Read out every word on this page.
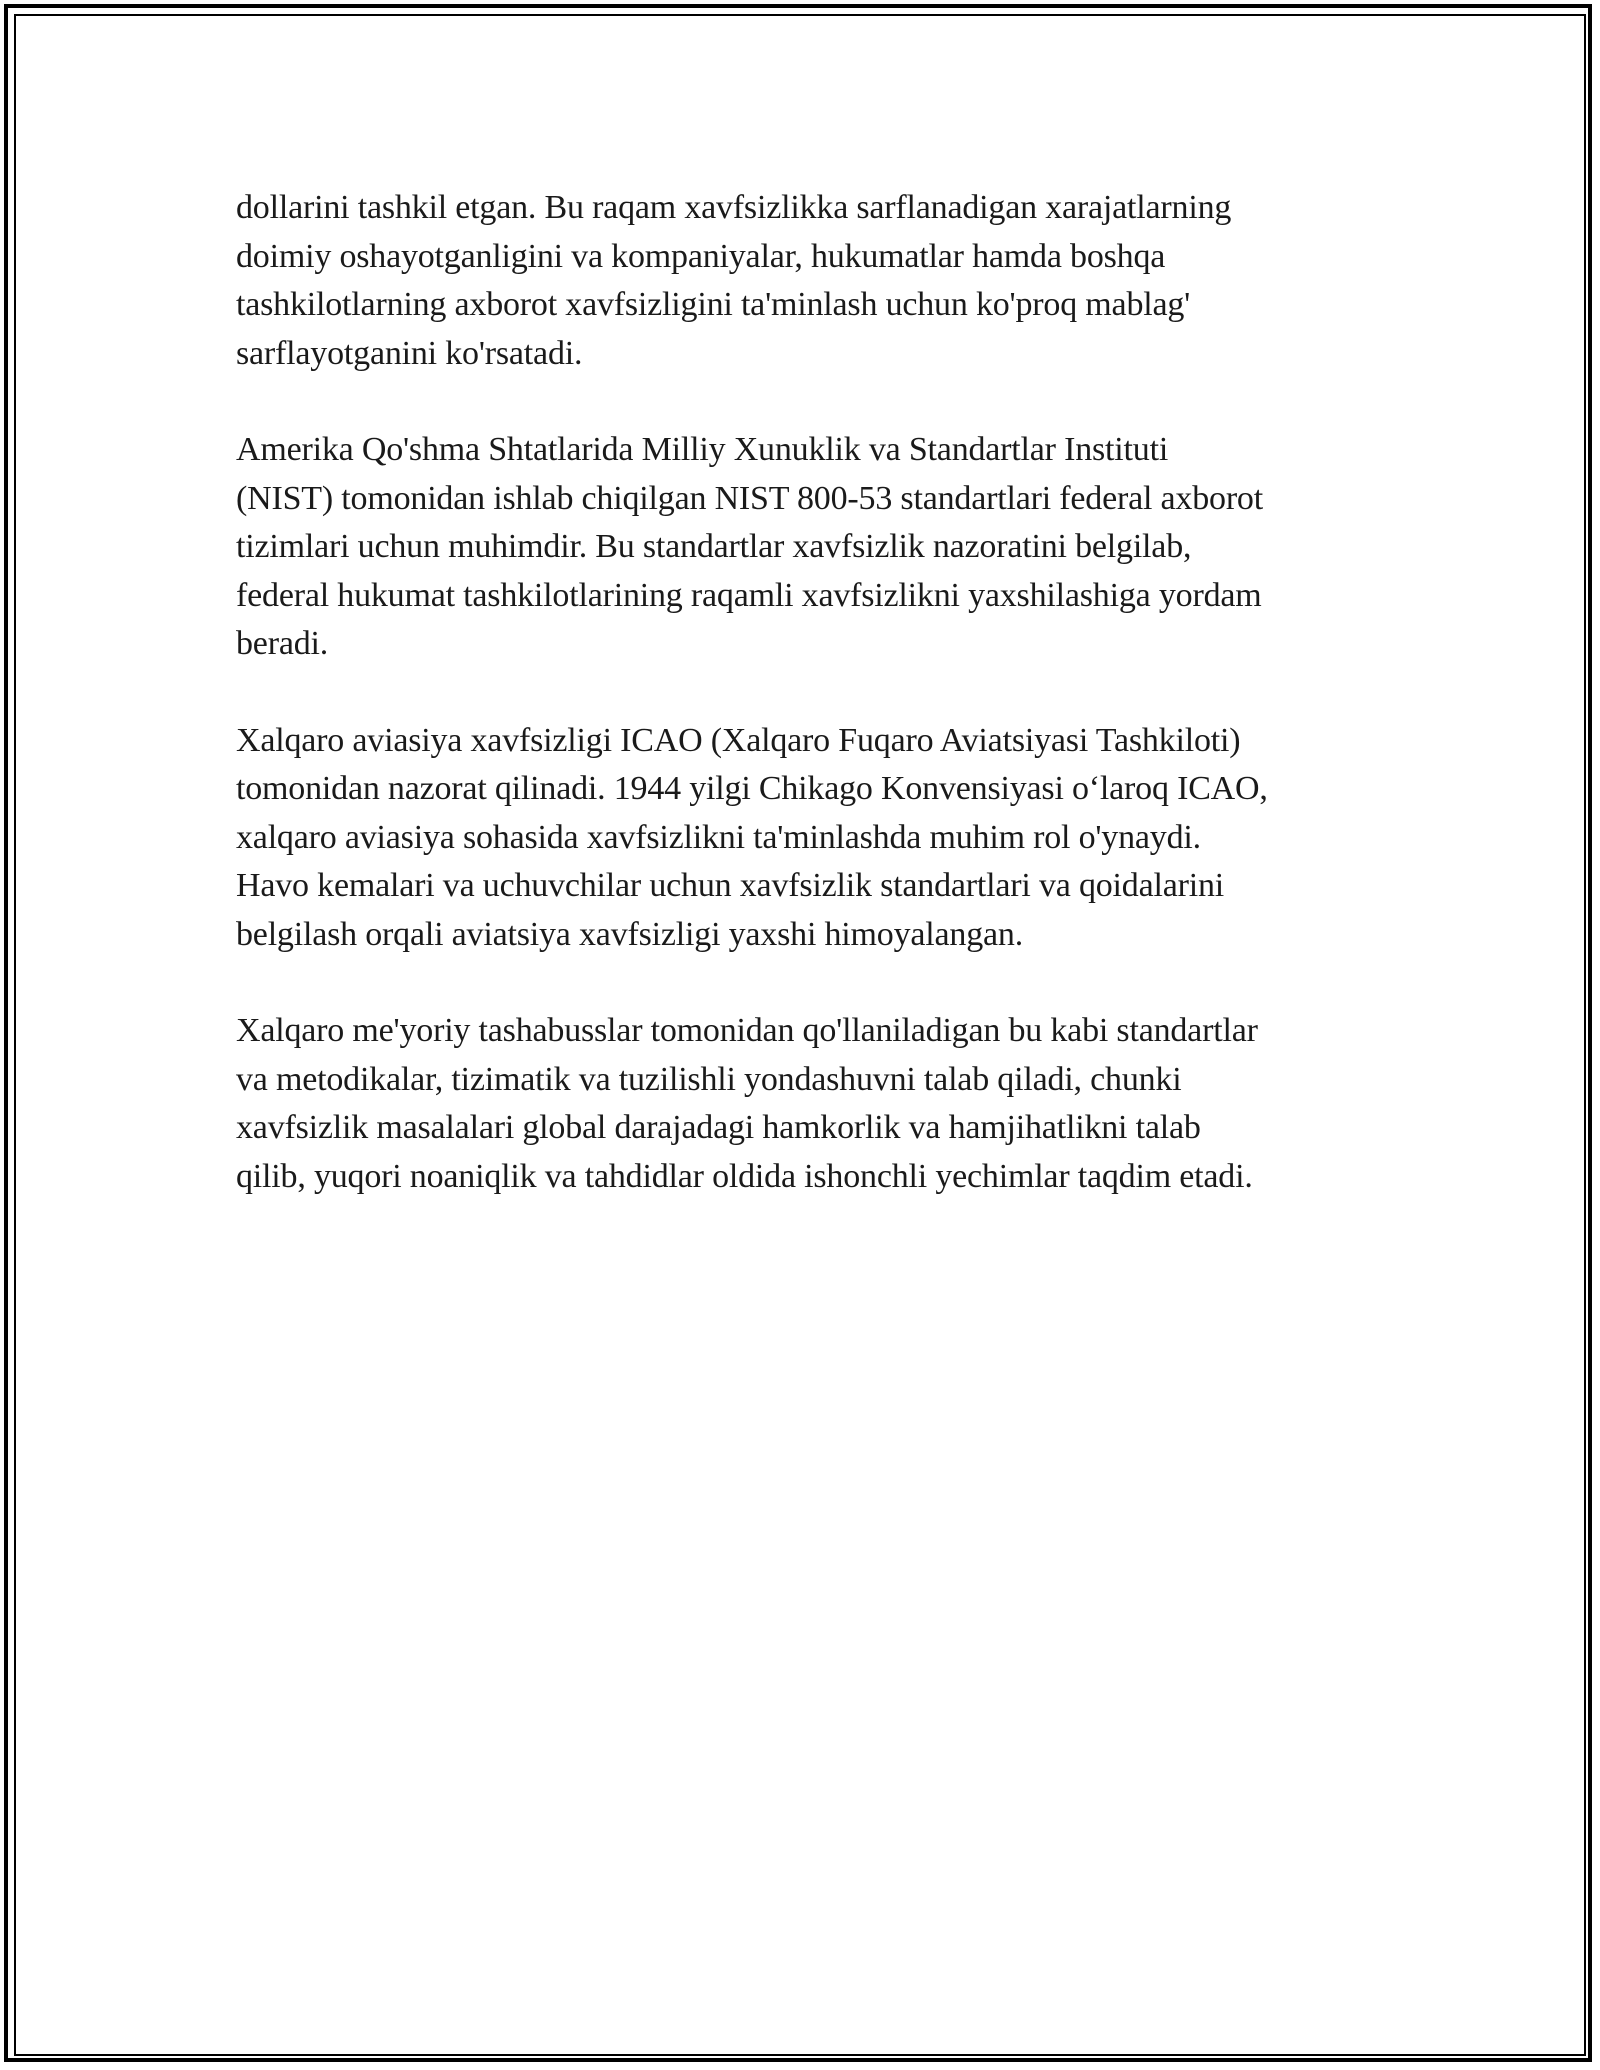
dollarini tashkil etgan. Bu raqam xavfsizlikka sarflanadigan xarajatlarning
doimiy oshayotganligini va kompaniyalar, hukumatlar hamda boshqa
tashkilotlarning axborot xavfsizligini ta'minlash uchun ko'proq mablag'
sarflayotganini ko'rsatadi.

Amerika Qo'shma Shtatlarida Milliy Xunuklik va Standartlar Instituti
(NIST) tomonidan ishlab chiqilgan NIST 800-53 standartlari federal axborot
tizimlari uchun muhimdir. Bu standartlar xavfsizlik nazoratini belgilab,
federal hukumat tashkilotlarining raqamli xavfsizlikni yaxshilashiga yordam
beradi.

Xalqaro aviasiya xavfsizligi ICAO (Xalqaro Fuqaro Aviatsiyasi Tashkiloti)
tomonidan nazorat qilinadi. 1944 yilgi Chikago Konvensiyasi o‘laroq ICAO,
xalqaro aviasiya sohasida xavfsizlikni ta'minlashda muhim rol o'ynaydi.
Havo kemalari va uchuvchilar uchun xavfsizlik standartlari va qoidalarini
belgilash orqali aviatsiya xavfsizligi yaxshi himoyalangan.

Xalqaro me'yoriy tashabusslar tomonidan qo'llaniladigan bu kabi standartlar
va metodikalar, tizimatik va tuzilishli yondashuvni talab qiladi, chunki
xavfsizlik masalalari global darajadagi hamkorlik va hamjihatlikni talab
qilib, yuqori noaniqlik va tahdidlar oldida ishonchli yechimlar taqdim etadi.
